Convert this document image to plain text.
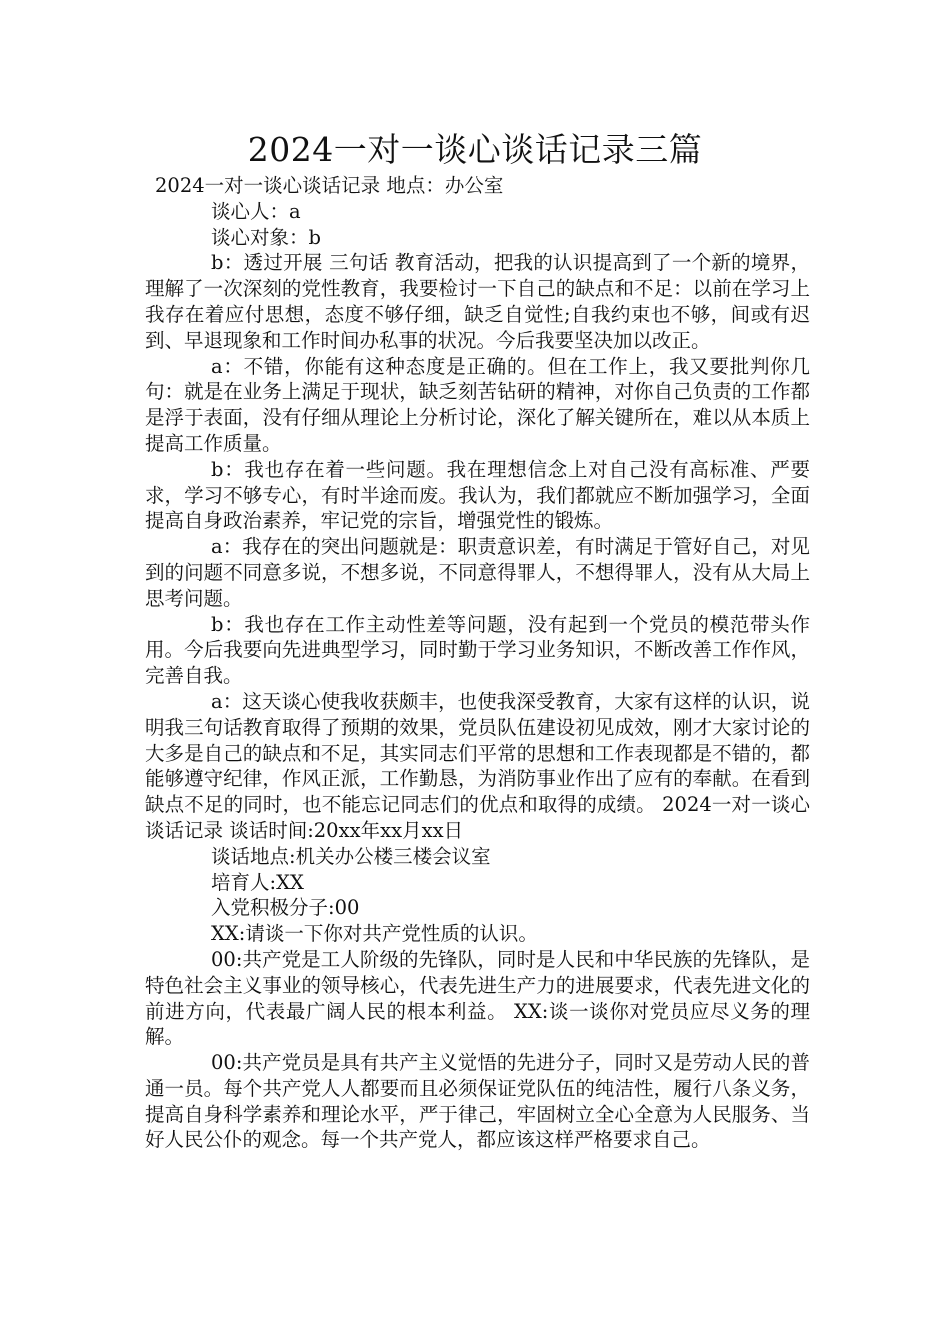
2024一对一谈心谈话记录三篇

2024一对一谈心谈话记录 地点：办公室

谈心人：a

谈心对象：b

b：透过开展 三句话 教育活动，把我的认识提高到了一个新的境界，理解了一次深刻的党性教育，我要检讨一下自己的缺点和不足：以前在学习上我存在着应付思想，态度不够仔细，缺乏自觉性;自我约束也不够，间或有迟到、早退现象和工作时间办私事的状况。今后我要坚决加以改正。

a：不错，你能有这种态度是正确的。但在工作上，我又要批判你几句：就是在业务上满足于现状，缺乏刻苦钻研的精神，对你自己负责的工作都是浮于表面，没有仔细从理论上分析讨论，深化了解关键所在，难以从本质上提高工作质量。

b：我也存在着一些问题。我在理想信念上对自己没有高标准、严要求，学习不够专心，有时半途而废。我认为，我们都就应不断加强学习，全面提高自身政治素养，牢记党的宗旨，增强党性的锻炼。

a：我存在的突出问题就是：职责意识差，有时满足于管好自己，对见到的问题不同意多说，不想多说，不同意得罪人，不想得罪人，没有从大局上思考问题。

b：我也存在工作主动性差等问题，没有起到一个党员的模范带头作用。今后我要向先进典型学习，同时勤于学习业务知识，不断改善工作作风，完善自我。

a：这天谈心使我收获颇丰，也使我深受教育，大家有这样的认识，说明我三句话教育取得了预期的效果，党员队伍建设初见成效，刚才大家讨论的大多是自己的缺点和不足，其实同志们平常的思想和工作表现都是不错的，都能够遵守纪律，作风正派，工作勤恳，为消防事业作出了应有的奉献。在看到缺点不足的同时，也不能忘记同志们的优点和取得的成绩。 2024一对一谈心谈话记录 谈话时间:20xx年xx月xx日

谈话地点:机关办公楼三楼会议室

培育人:XX

入党积极分子:00

XX:请谈一下你对共产党性质的认识。

00:共产党是工人阶级的先锋队，同时是人民和中华民族的先锋队，是特色社会主义事业的领导核心，代表先进生产力的进展要求，代表先进文化的前进方向，代表最广阔人民的根本利益。 XX:谈一谈你对党员应尽义务的理解。

00:共产党员是具有共产主义觉悟的先进分子，同时又是劳动人民的普通一员。每个共产党人人都要而且必须保证党队伍的纯洁性，履行八条义务，提高自身科学素养和理论水平，严于律己，牢固树立全心全意为人民服务、当好人民公仆的观念。每一个共产党人，都应该这样严格要求自己。
